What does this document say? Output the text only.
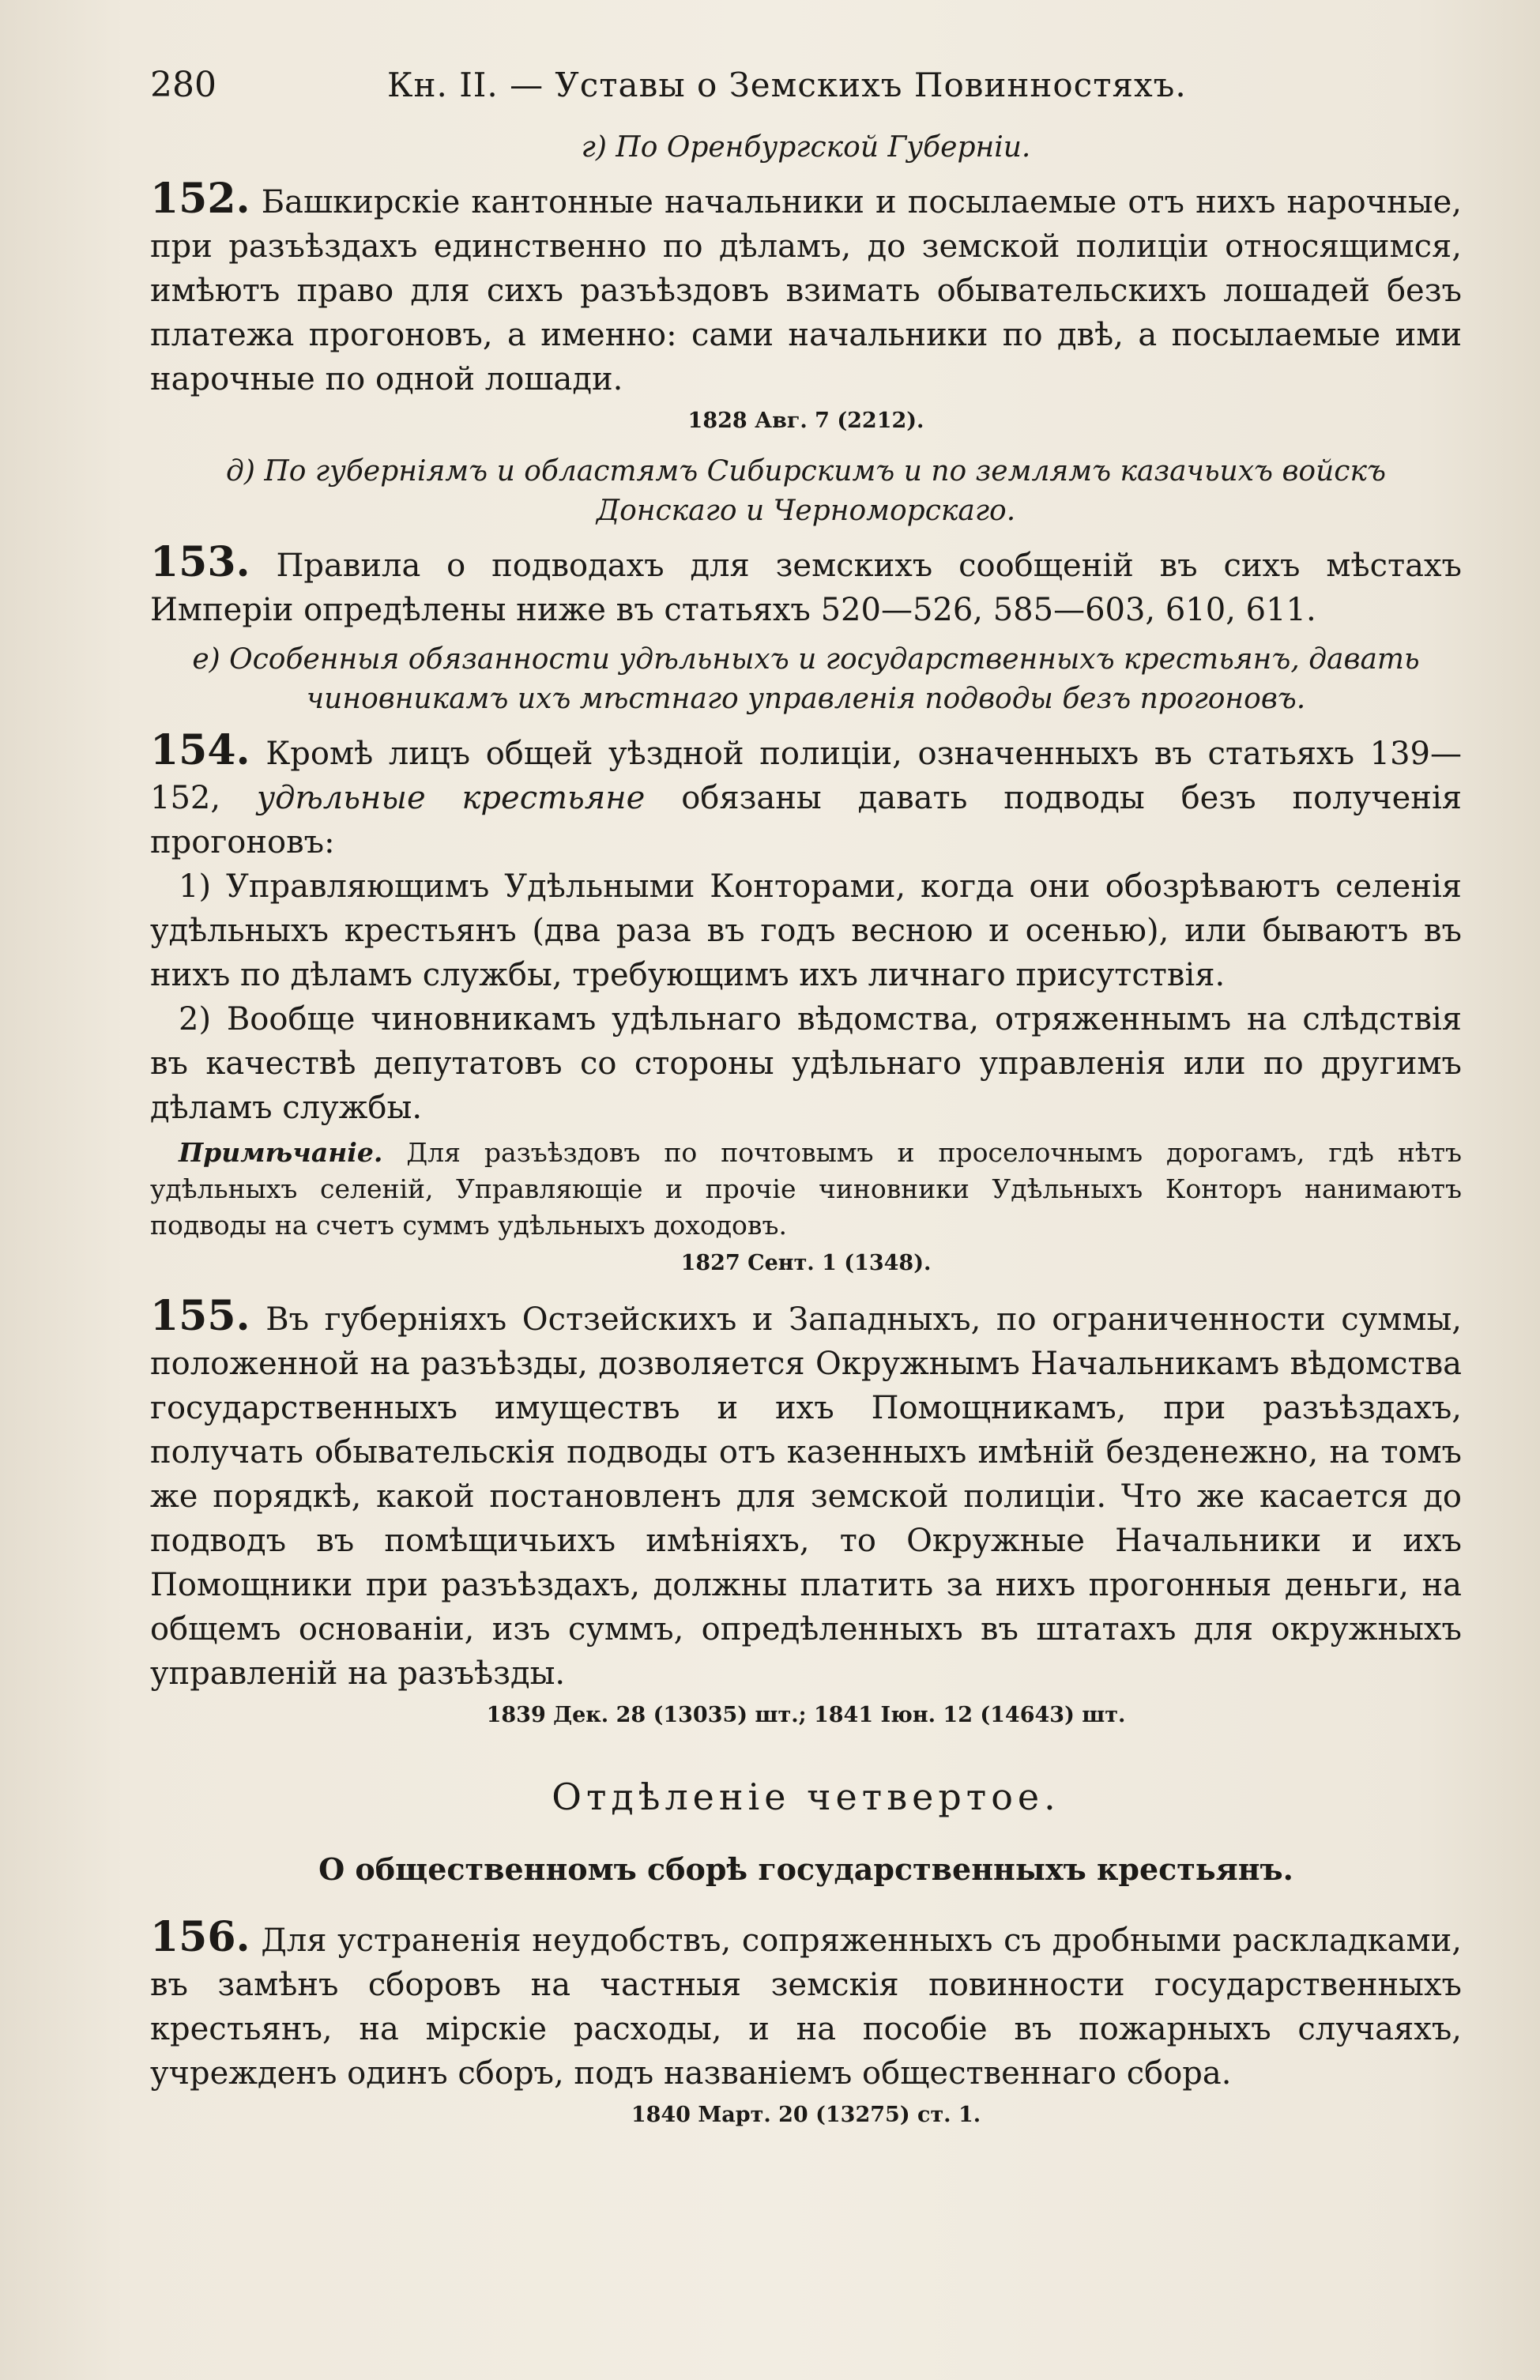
280	Кн. II. — Уставы о Земскихъ Повинностяхъ.
г) По Оренбургской Губерніи.

152. Башкирскіе кантонные начальники и посылаемые отъ нихъ нарочные, при разъѣздахъ единственно по дѣламъ, до земской полиціи относящимся, имѣютъ право для сихъ разъѣздовъ взимать обывательскихъ лошадей безъ платежа прогоновъ, а именно: сами начальники по двѣ, а посылаемые ими нарочные по одной лошади.

1828 Авг. 7 (2212).
д) По губерніямъ и областямъ Сибирскимъ и по землямъ казачьихъ войскъ Донскаго и Черноморскаго.

153. Правила о подводахъ для земскихъ сообщеній въ сихъ мѣстахъ Имперіи опредѣлены ниже въ статьяхъ 520—526, 585—603, 610, 611.

е) Особенныя обязанности удѣльныхъ и государственныхъ крестьянъ, давать чиновникамъ ихъ мѣстнаго управленія подводы безъ прогоновъ.

154. Кромѣ лицъ общей уѣздной полиціи, означенныхъ въ статьяхъ 139—152, удѣльные крестьяне обязаны давать подводы безъ полученія прогоновъ:

1) Управляющимъ Удѣльными Конторами, когда они обозрѣваютъ селенія удѣльныхъ крестьянъ (два раза въ годъ весною и осенью), или бываютъ въ нихъ по дѣламъ службы, требующимъ ихъ личнаго присутствія.

2) Вообще чиновникамъ удѣльнаго вѣдомства, отряженнымъ на слѣдствія въ качествѣ депутатовъ со стороны удѣльнаго управленія или по другимъ дѣламъ службы.

Примѣчаніе. Для разъѣздовъ по почтовымъ и проселочнымъ дорогамъ, гдѣ нѣтъ удѣльныхъ селеній, Управляющіе и прочіе чиновники Удѣльныхъ Конторъ нанимаютъ подводы на счетъ суммъ удѣльныхъ доходовъ.

1827 Сент. 1 (1348).

155. Въ губерніяхъ Остзейскихъ и Западныхъ, по ограниченности суммы, положенной на разъѣзды, дозволяется Окружнымъ Начальникамъ вѣдомства государственныхъ имуществъ и ихъ Помощникамъ, при разъѣздахъ, получать обывательскія подводы отъ казенныхъ имѣній безденежно, на томъ же порядкѣ, какой постановленъ для земской полиціи. Что же касается до подводъ въ помѣщичьихъ имѣніяхъ, то Окружные Начальники и ихъ Помощники при разъѣздахъ, должны платить за нихъ прогонныя деньги, на общемъ основаніи, изъ суммъ, опредѣленныхъ въ штатахъ для окружныхъ управленій на разъѣзды.

1839 Дек. 28 (13035) шт.; 1841 Іюн. 12 (14643) шт.
Отдѣленіе четвертое.
О общественномъ сборѣ государственныхъ крестьянъ.

156. Для устраненія неудобствъ, сопряженныхъ съ дробными раскладками, въ замѣнъ сборовъ на частныя земскія повинности государственныхъ крестьянъ, на мірскіе расходы, и на пособіе въ пожарныхъ случаяхъ, учрежденъ одинъ сборъ, подъ названіемъ общественнаго сбора.

1840 Март. 20 (13275) ст. 1.
